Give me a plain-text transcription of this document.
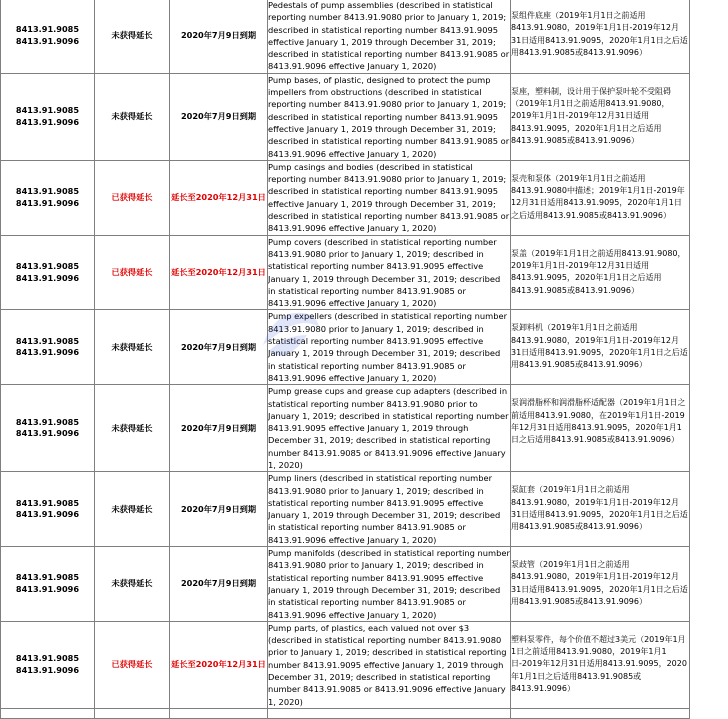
8413.91.9085
8413.91.9096	未获得延长	2020年7月9日到期	Pedestals of pump assemblies (described in statistical reporting number 8413.91.9080 prior to January 1, 2019; described in statistical reporting number 8413.91.9095 effective January 1, 2019 through December 31, 2019; described in statistical reporting number 8413.91.9085 or 8413.91.9096 effective January 1, 2020)	泵组件底座（2019年1月1日之前适用8413.91.9080，2019年1月1日-2019年12月31日适用8413.91.9095，2020年1月1日之后适用8413.91.9085或8413.91.9096）

8413.91.9085
8413.91.9096	未获得延长	2020年7月9日到期	Pump bases, of plastic, designed to protect the pump impellers from obstructions (described in statistical reporting number 8413.91.9080 prior to January 1, 2019; described in statistical reporting number 8413.91.9095 effective January 1, 2019 through December 31, 2019; described in statistical reporting number 8413.91.9085 or 8413.91.9096 effective January 1, 2020)	泵座，塑料制，设计用于保护泵叶轮不受阻碍（2019年1月1日之前适用8413.91.9080，2019年1月1日-2019年12月31日适用8413.91.9095，2020年1月1日之后适用8413.91.9085或8413.91.9096）

8413.91.9085
8413.91.9096	已获得延长	延长至2020年12月31日	Pump casings and bodies (described in statistical reporting number 8413.91.9080 prior to January 1, 2019; described in statistical reporting number 8413.91.9095 effective January 1, 2019 through December 31, 2019; described in statistical reporting number 8413.91.9085 or 8413.91.9096 effective January 1, 2020)	泵壳和泵体（2019年1月1日之前适用8413.91.9080中描述；2019年1月1日-2019年12月31日适用8413.91.9095，2020年1月1日之后适用8413.91.9085或8413.91.9096）

8413.91.9085
8413.91.9096	已获得延长	延长至2020年12月31日	Pump covers (described in statistical reporting number 8413.91.9080 prior to January 1, 2019; described in statistical reporting number 8413.91.9095 effective January 1, 2019 through December 31, 2019; described in statistical reporting number 8413.91.9085 or 8413.91.9096 effective January 1, 2020)	泵盖（2019年1月1日之前适用8413.91.9080，2019年1月1日-2019年12月31日适用8413.91.9095，2020年1月1日之后适用8413.91.9085或8413.91.9096）

8413.91.9085
8413.91.9096	未获得延长	2020年7月9日到期	Pump expellers (described in statistical reporting number 8413.91.9080 prior to January 1, 2019; described in statistical reporting number 8413.91.9095 effective January 1, 2019 through December 31, 2019; described in statistical reporting number 8413.91.9085 or 8413.91.9096 effective January 1, 2020)	泵卸料机（2019年1月1日之前适用8413.91.9080，2019年1月1日-2019年12月31日适用8413.91.9095，2020年1月1日之后适用8413.91.9085或8413.91.9096）

8413.91.9085
8413.91.9096	未获得延长	2020年7月9日到期	Pump grease cups and grease cup adapters (described in statistical reporting number 8413.91.9080 prior to January 1, 2019; described in statistical reporting number 8413.91.9095 effective January 1, 2019 through December 31, 2019; described in statistical reporting number 8413.91.9085 or 8413.91.9096 effective January 1, 2020)	泵润滑脂杯和润滑脂杯适配器（2019年1月1日之前适用8413.91.9080，在2019年1月1日-2019年12月31日适用8413.91.9095，2020年1月1日之后适用8413.91.9085或8413.91.9096）

8413.91.9085
8413.91.9096	未获得延长	2020年7月9日到期	Pump liners (described in statistical reporting number 8413.91.9080 prior to January 1, 2019; described in statistical reporting number 8413.91.9095 effective January 1, 2019 through December 31, 2019; described in statistical reporting number 8413.91.9085 or 8413.91.9096 effective January 1, 2020)	泵缸套（2019年1月1日之前适用8413.91.9080，2019年1月1日-2019年12月31日适用8413.91.9095，2020年1月1日之后适用8413.91.9085或8413.91.9096）

8413.91.9085
8413.91.9096	未获得延长	2020年7月9日到期	Pump manifolds (described in statistical reporting number 8413.91.9080 prior to January 1, 2019; described in statistical reporting number 8413.91.9095 effective January 1, 2019 through December 31, 2019; described in statistical reporting number 8413.91.9085 or 8413.91.9096 effective January 1, 2020)	泵歧管（2019年1月1日之前适用8413.91.9080，2019年1月1日-2019年12月31日适用8413.91.9095，2020年1月1日之后适用8413.91.9085或8413.91.9096）

8413.91.9085
8413.91.9096	已获得延长	延长至2020年12月31日	Pump parts, of plastics, each valued not over $3 (described in statistical reporting number 8413.91.9080 prior to January 1, 2019; described in statistical reporting number 8413.91.9095 effective January 1, 2019 through December 31, 2019; described in statistical reporting number 8413.91.9085 or 8413.91.9096 effective January 1, 2020)	塑料泵零件，每个价值不超过3美元（2019年1月1日之前适用8413.91.9080，2019年1月1日-2019年12月31日适用8413.91.9095，2020年1月1日之后适用8413.91.9085或8413.91.9096）
